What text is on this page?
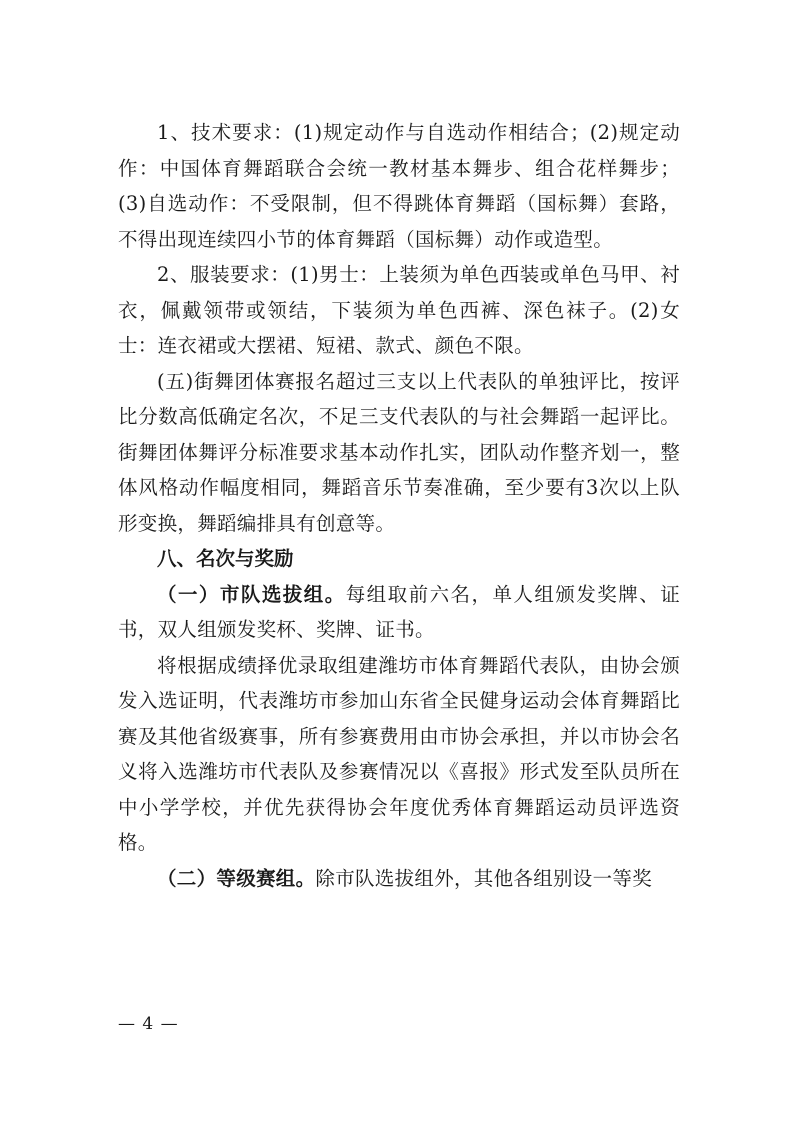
1、技术要求：(1)规定动作与自选动作相结合；(2)规定动作：中国体育舞蹈联合会统一教材基本舞步、组合花样舞步；(3)自选动作：不受限制，但不得跳体育舞蹈（国标舞）套路，不得出现连续四小节的体育舞蹈（国标舞）动作或造型。

2、服装要求：(1)男士：上装须为单色西装或单色马甲、衬衣，佩戴领带或领结，下装须为单色西裤、深色袜子。(2)女士：连衣裙或大摆裙、短裙、款式、颜色不限。

(五)街舞团体赛报名超过三支以上代表队的单独评比，按评比分数高低确定名次，不足三支代表队的与社会舞蹈一起评比。街舞团体舞评分标准要求基本动作扎实，团队动作整齐划一，整体风格动作幅度相同，舞蹈音乐节奏准确，至少要有3次以上队形变换，舞蹈编排具有创意等。

八、名次与奖励

（一）市队选拔组。每组取前六名，单人组颁发奖牌、证书，双人组颁发奖杯、奖牌、证书。

将根据成绩择优录取组建潍坊市体育舞蹈代表队，由协会颁发入选证明，代表潍坊市参加山东省全民健身运动会体育舞蹈比赛及其他省级赛事，所有参赛费用由市协会承担，并以市协会名义将入选潍坊市代表队及参赛情况以《喜报》形式发至队员所在中小学学校，并优先获得协会年度优秀体育舞蹈运动员评选资格。

（二）等级赛组。除市队选拔组外，其他各组别设一等奖

— 4 —
